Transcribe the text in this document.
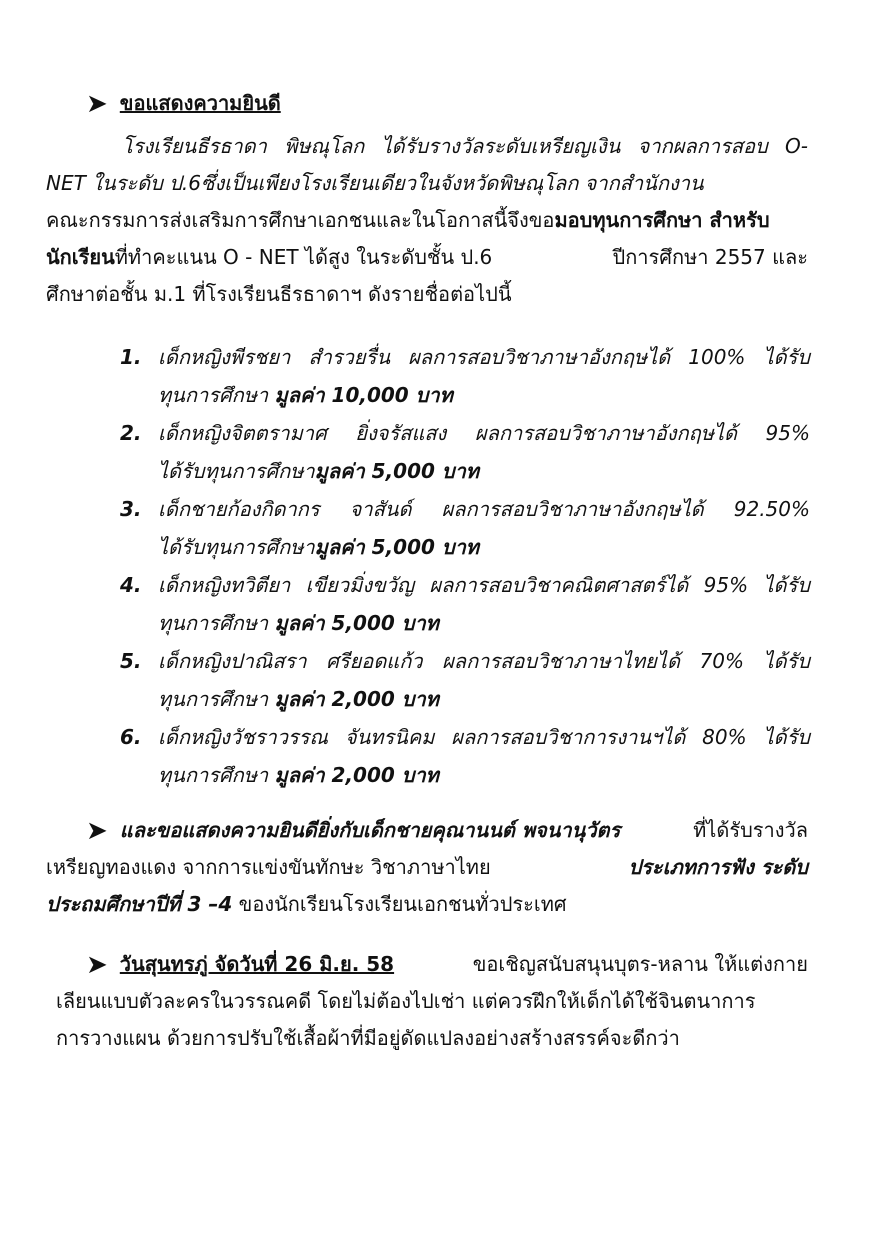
➤ ขอแสดงความยินดี
โรงเรียนธีรธาดา พิษณุโลก ได้รับรางวัลระดับเหรียญเงิน จากผลการสอบ O-
NET ในระดับ ป.6ซึ่งเป็นเพียงโรงเรียนเดียวในจังหวัดพิษณุโลก จากสำนักงาน
คณะกรรมการส่งเสริมการศึกษาเอกชนและในโอกาสนี้จึงขอมอบทุนการศึกษา สำหรับ
นักเรียนที่ทำคะแนน O - NET ได้สูง ในระดับชั้น ป.6	ปีการศึกษา 2557 และ
ศึกษาต่อชั้น ม.1 ที่โรงเรียนธีรธาดาฯ ดังรายชื่อต่อไปนี้
1. เด็กหญิงพีรชยา สำรวยรื่น ผลการสอบวิชาภาษาอังกฤษได้ 100% ได้รับ
ทุนการศึกษา มูลค่า 10,000 บาท
2. เด็กหญิงจิตตรามาศ ยิ่งจรัสแสง ผลการสอบวิชาภาษาอังกฤษได้ 95%
ได้รับทุนการศึกษามูลค่า 5,000 บาท
3. เด็กชายก้องกิดากร จาสันด์ ผลการสอบวิชาภาษาอังกฤษได้ 92.50%
ได้รับทุนการศึกษามูลค่า 5,000 บาท
4. เด็กหญิงทวิตียา เขียวมิ่งขวัญ ผลการสอบวิชาคณิตศาสตร์ได้ 95% ได้รับ
ทุนการศึกษา มูลค่า 5,000 บาท
5. เด็กหญิงปาณิสรา ศรียอดแก้ว ผลการสอบวิชาภาษาไทยได้ 70% ได้รับ
ทุนการศึกษา มูลค่า 2,000 บาท
6. เด็กหญิงวัชราวรรณ จันทรนิคม ผลการสอบวิชาการงานฯได้ 80% ได้รับ
ทุนการศึกษา มูลค่า 2,000 บาท
➤ และขอแสดงความยินดียิ่งกับเด็กชายคุณานนต์ พจนานุวัตร	ที่ได้รับรางวัล
เหรียญทองแดง จากการแข่งขันทักษะ วิชาภาษาไทย	ประเภทการฟัง ระดับ
ประถมศึกษาปีที่ 3 –4 ของนักเรียนโรงเรียนเอกชนทั่วประเทศ
➤ วันสุนทรภู่ จัดวันที่ 26 มิ.ย. 58	ขอเชิญสนับสนุนบุตร-หลาน ให้แต่งกาย
เลียนแบบตัวละครในวรรณคดี โดยไม่ต้องไปเช่า แต่ควรฝึกให้เด็กได้ใช้จินตนาการ
การวางแผน ด้วยการปรับใช้เสื้อผ้าที่มีอยู่ดัดแปลงอย่างสร้างสรรค์จะดีกว่า
